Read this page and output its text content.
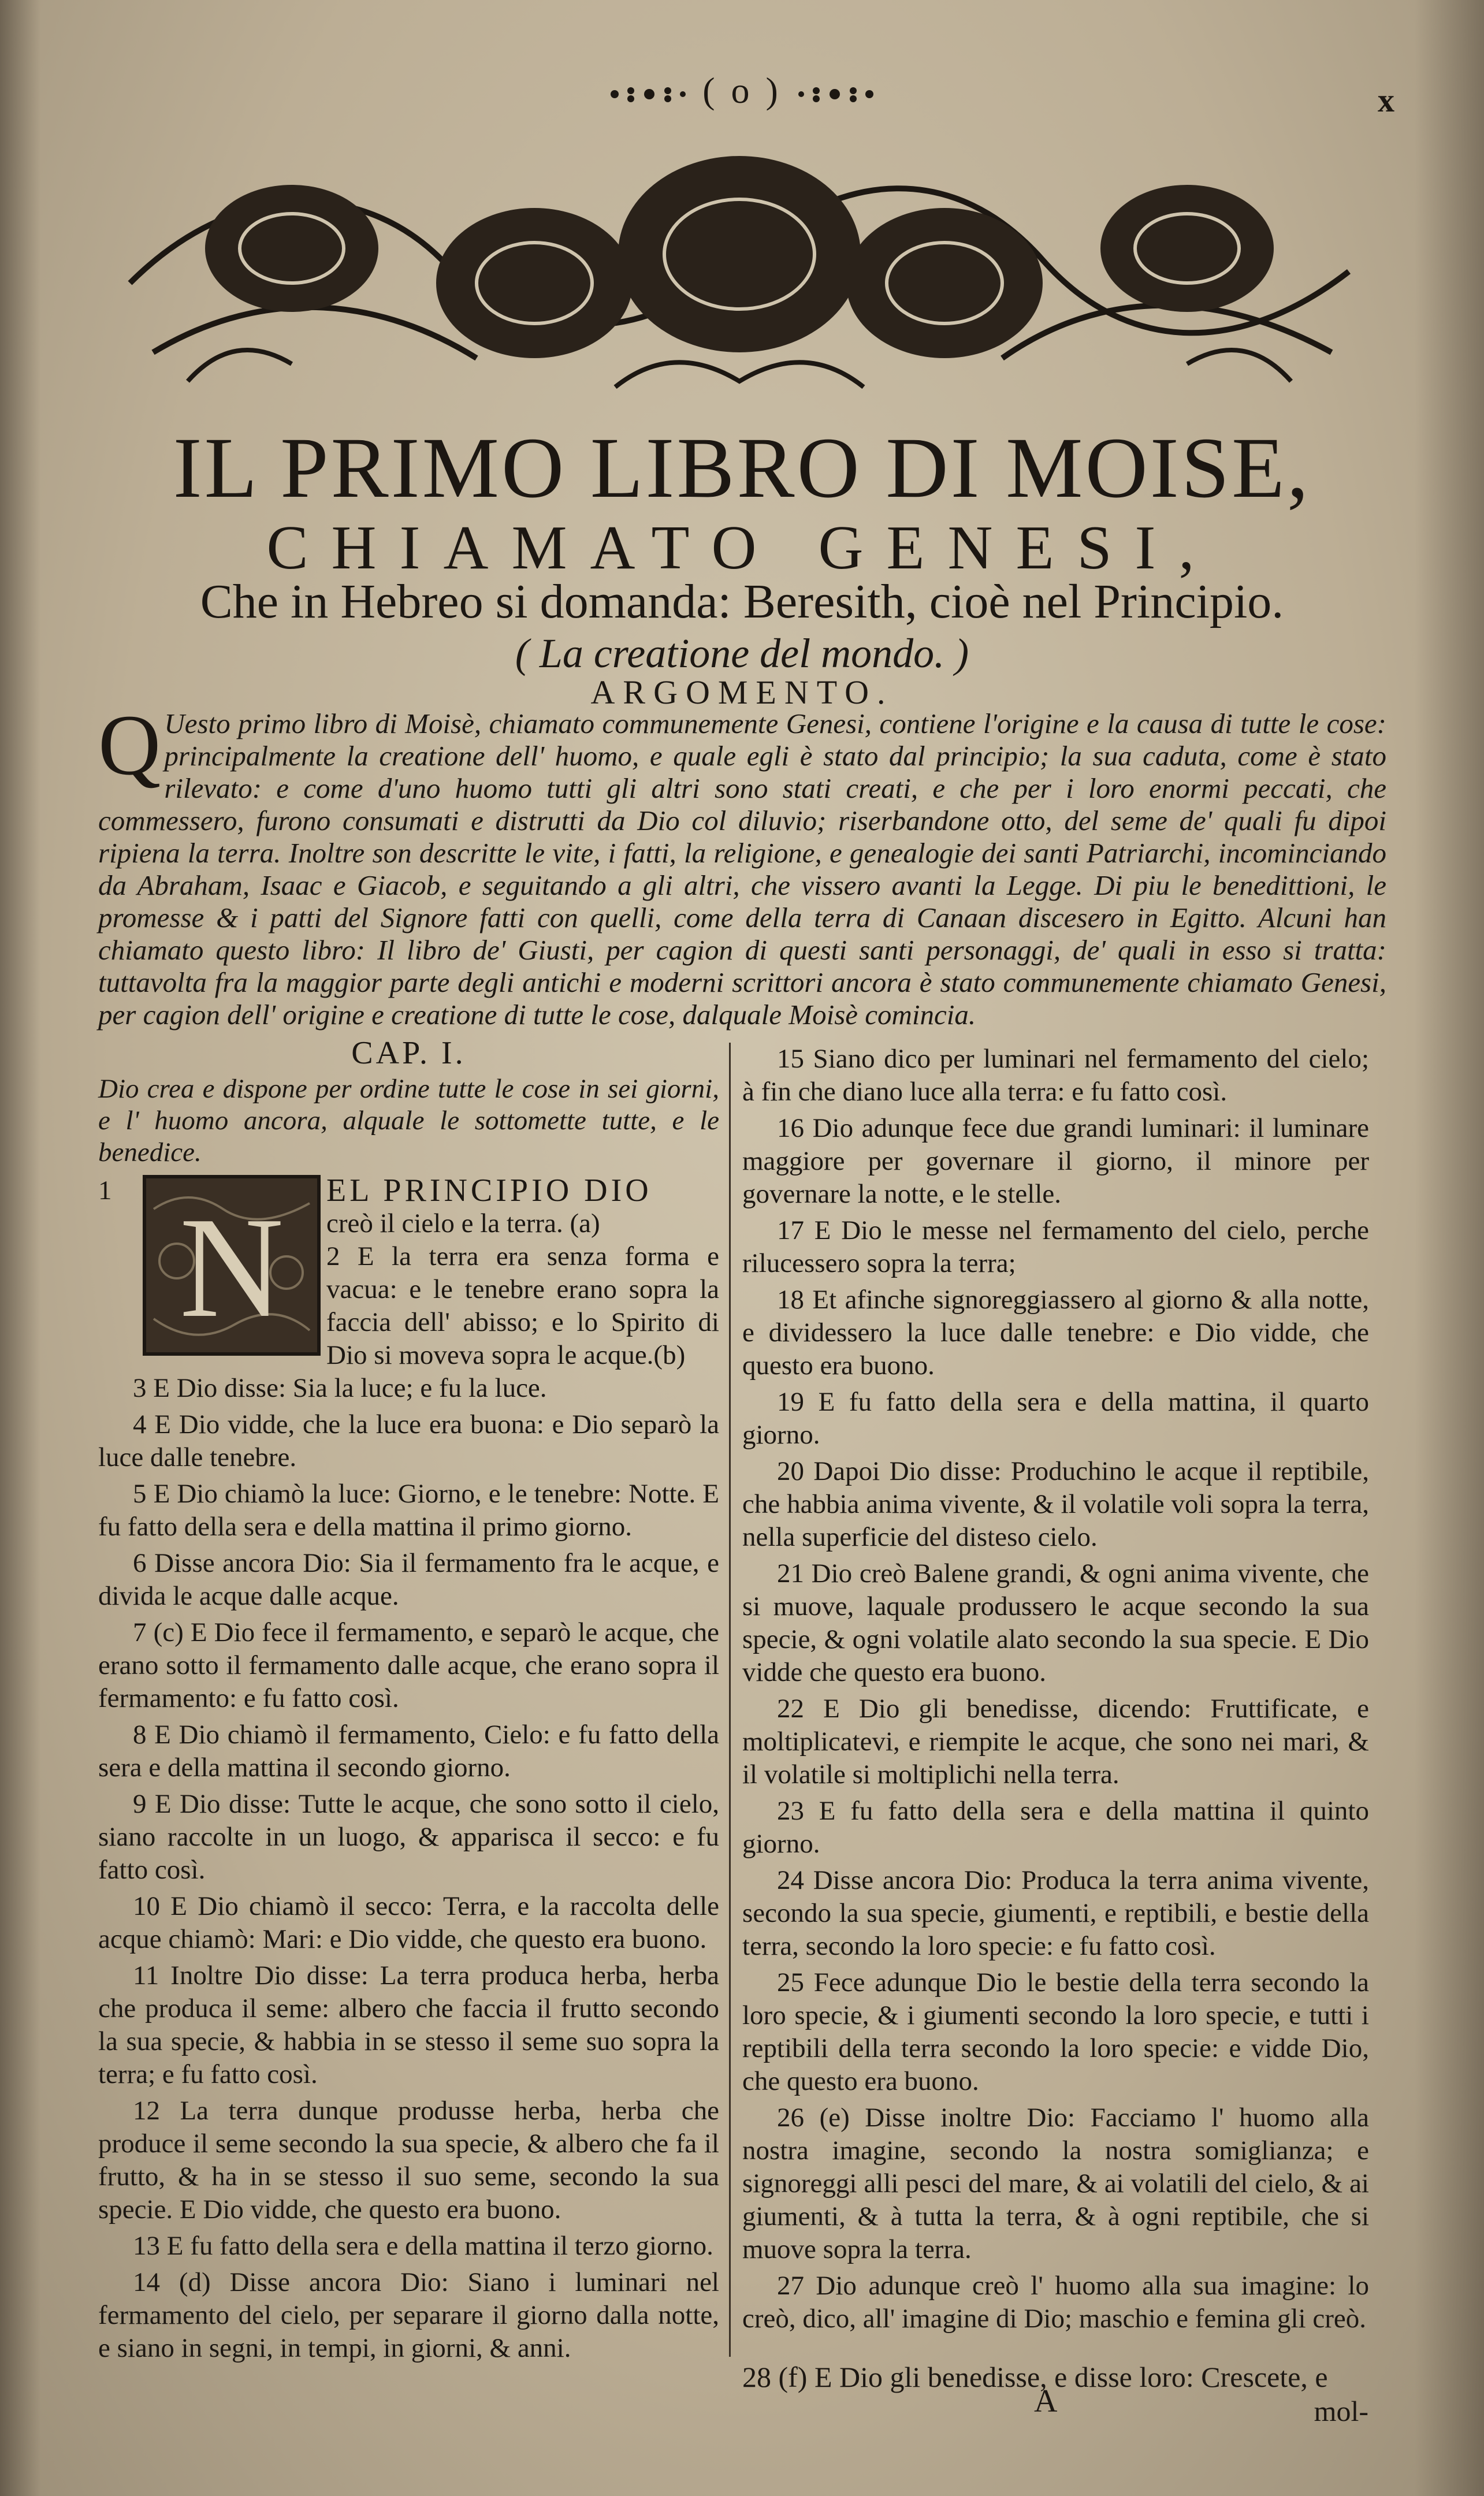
( o )	x
IL PRIMO LIBRO DI MOISE,
CHIAMATO GENESI,
Che in Hebreo si domanda: Beresith, cioè nel Principio.
( La creatione del mondo. )
ARGOMENTO.
Q Uesto primo libro di Moisè, chiamato communemente Genesi, contiene l'origine e la causa di tutte le cose: principalmente la creatione dell' huomo, e quale egli è stato dal principio; la sua caduta, come è stato rilevato: e come d'uno huomo tutti gli altri sono stati creati, e che per i loro enormi peccati, che commessero, furono consumati e distrutti da Dio col diluvio; riserbandone otto, del seme de' quali fu dipoi ripiena la terra. Inoltre son descritte le vite, i fatti, la religione, e genealogie dei santi Patriarchi, incominciando da Abraham, Isaac e Giacob, e seguitando a gli altri, che vissero avanti la Legge. Di piu le benedittioni, le promesse & i patti del Signore fatti con quelli, come della terra di Canaan discesero in Egitto. Alcuni han chiamato questo libro: Il libro de' Giusti, per cagion di questi santi personaggi, de' quali in esso si tratta: tuttavolta fra la maggior parte degli antichi e moderni scrittori ancora è stato communemente chiamato Genesi, per cagion dell' origine e creatione di tutte le cose, dalquale Moisè comincia.
CAP. I.
Dio crea e dispone per ordine tutte le cose in sei giorni, e l' huomo ancora, alquale le sottomette tutte, e le benedice.
1 N EL PRINCIPIO DIO
creò il cielo e la terra. (a)
2 E la terra era senza forma e vacua: e le tenebre erano sopra la faccia dell' abisso; e lo Spirito di Dio si moveva sopra le acque.(b)
3 E Dio disse: Sia la luce; e fu la luce.
4 E Dio vidde, che la luce era buona: e Dio separò la luce dalle tenebre.
5 E Dio chiamò la luce: Giorno, e le tenebre: Notte. E fu fatto della sera e della mattina il primo giorno.
6 Disse ancora Dio: Sia il fermamento fra le acque, e divida le acque dalle acque.
7 (c) E Dio fece il fermamento, e separò le acque, che erano sotto il fermamento dalle acque, che erano sopra il fermamento: e fu fatto così.
8 E Dio chiamò il fermamento, Cielo: e fu fatto della sera e della mattina il secondo giorno.
9 E Dio disse: Tutte le acque, che sono sotto il cielo, siano raccolte in un luogo, & apparisca il secco: e fu fatto così.
10 E Dio chiamò il secco: Terra, e la raccolta delle acque chiamò: Mari: e Dio vidde, che questo era buono.
11 Inoltre Dio disse: La terra produca herba, herba che produca il seme: albero che faccia il frutto secondo la sua specie, & habbia in se stesso il seme suo sopra la terra; e fu fatto così.
12 La terra dunque produsse herba, herba che produce il seme secondo la sua specie, & albero che fa il frutto, & ha in se stesso il suo seme, secondo la sua specie. E Dio vidde, che questo era buono.
13 E fu fatto della sera e della mattina il terzo giorno.
14 (d) Disse ancora Dio: Siano i luminari nel fermamento del cielo, per separare il giorno dalla notte, e siano in segni, in tempi, in giorni, & anni.
15 Siano dico per luminari nel fermamento del cielo; à fin che diano luce alla terra: e fu fatto così.
16 Dio adunque fece due grandi luminari: il luminare maggiore per governare il giorno, il minore per governare la notte, e le stelle.
17 E Dio le messe nel fermamento del cielo, perche rilucessero sopra la terra;
18 Et afinche signoreggiassero al giorno & alla notte, e dividessero la luce dalle tenebre: e Dio vidde, che questo era buono.
19 E fu fatto della sera e della mattina, il quarto giorno.
20 Dapoi Dio disse: Produchino le acque il reptibile, che habbia anima vivente, & il volatile voli sopra la terra, nella superficie del disteso cielo.
21 Dio creò Balene grandi, & ogni anima vivente, che si muove, laquale produssero le acque secondo la sua specie, & ogni volatile alato secondo la sua specie. E Dio vidde che questo era buono.
22 E Dio gli benedisse, dicendo: Fruttificate, e moltiplicatevi, e riempite le acque, che sono nei mari, & il volatile si moltiplichi nella terra.
23 E fu fatto della sera e della mattina il quinto giorno.
24 Disse ancora Dio: Produca la terra anima vivente, secondo la sua specie, giumenti, e reptibili, e bestie della terra, secondo la loro specie: e fu fatto così.
25 Fece adunque Dio le bestie della terra secondo la loro specie, & i giumenti secondo la loro specie, e tutti i reptibili della terra secondo la loro specie: e vidde Dio, che questo era buono.
26 (e) Disse inoltre Dio: Facciamo l' huomo alla nostra imagine, secondo la nostra somiglianza; e signoreggi alli pesci del mare, & ai volatili del cielo, & ai giumenti, & à tutta la terra, & à ogni reptibile, che si muove sopra la terra.
27 Dio adunque creò l' huomo alla sua imagine: lo creò, dico, all' imagine di Dio; maschio e femina gli creò.
28 (f) E Dio gli benedisse, e disse loro: Crescete, e
A	mol-
